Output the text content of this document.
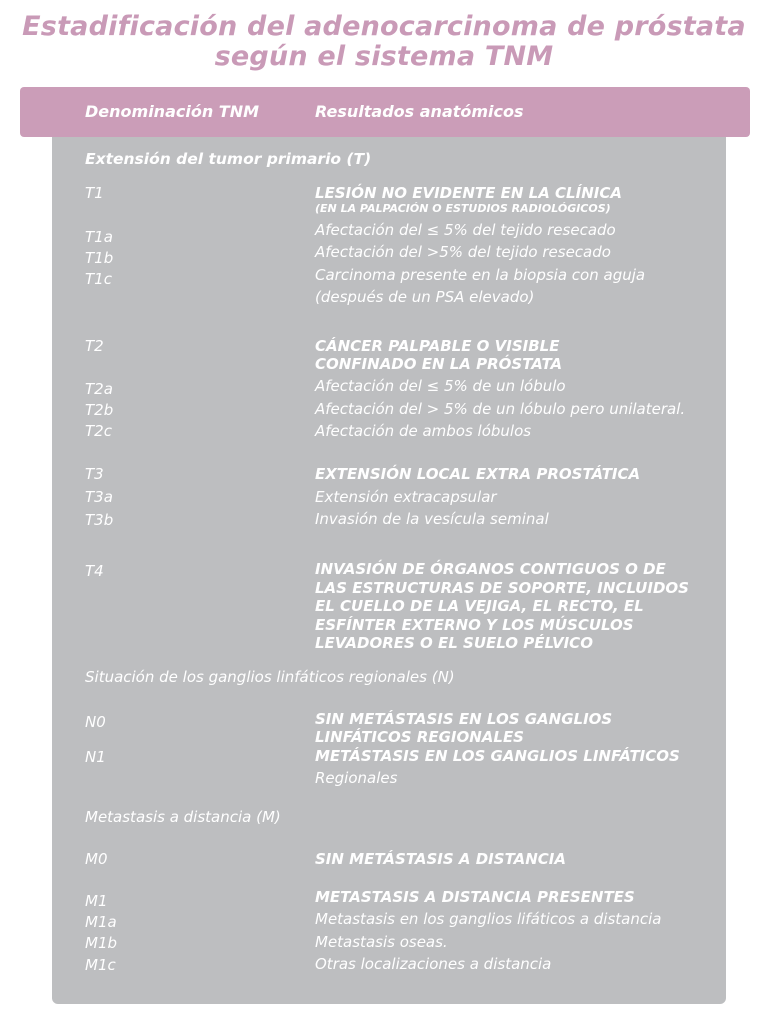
Estadificación del adenocarcinoma de próstata
según el sistema TNM
Denominación TNM	Resultados anatómicos
Extensión del tumor primario (T)
T1	LESIÓN NO EVIDENTE EN LA CLÍNICA
(EN LA PALPACIÓN O ESTUDIOS RADIOLÓGICOS)
T1a	Afectación del ≤ 5% del tejido resecado
T1b	Afectación del >5% del tejido resecado
T1c	Carcinoma presente en la biopsia con aguja
(después de un PSA elevado)
T2	CÁNCER PALPABLE O VISIBLE
CONFINADO EN LA PRÓSTATA
T2a	Afectación del ≤ 5% de un lóbulo
T2b	Afectación del > 5% de un lóbulo pero unilateral.
T2c	Afectación de ambos lóbulos
T3	EXTENSIÓN LOCAL EXTRA PROSTÁTICA
T3a	Extensión extracapsular
T3b	Invasión de la vesícula seminal
T4	INVASIÓN DE ÓRGANOS CONTIGUOS O DE
LAS ESTRUCTURAS DE SOPORTE, INCLUIDOS
EL CUELLO DE LA VEJIGA, EL RECTO, EL
ESFÍNTER EXTERNO Y LOS MÚSCULOS
LEVADORES O EL SUELO PÉLVICO
Situación de los ganglios linfáticos regionales (N)
N0	SIN METÁSTASIS EN LOS GANGLIOS
LINFÁTICOS REGIONALES
N1	METÁSTASIS EN LOS GANGLIOS LINFÁTICOS
Regionales
Metastasis a distancia (M)
M0	SIN METÁSTASIS A DISTANCIA
M1	METASTASIS A DISTANCIA PRESENTES
M1a	Metastasis en los ganglios lifáticos a distancia
M1b	Metastasis oseas.
M1c	Otras localizaciones a distancia
